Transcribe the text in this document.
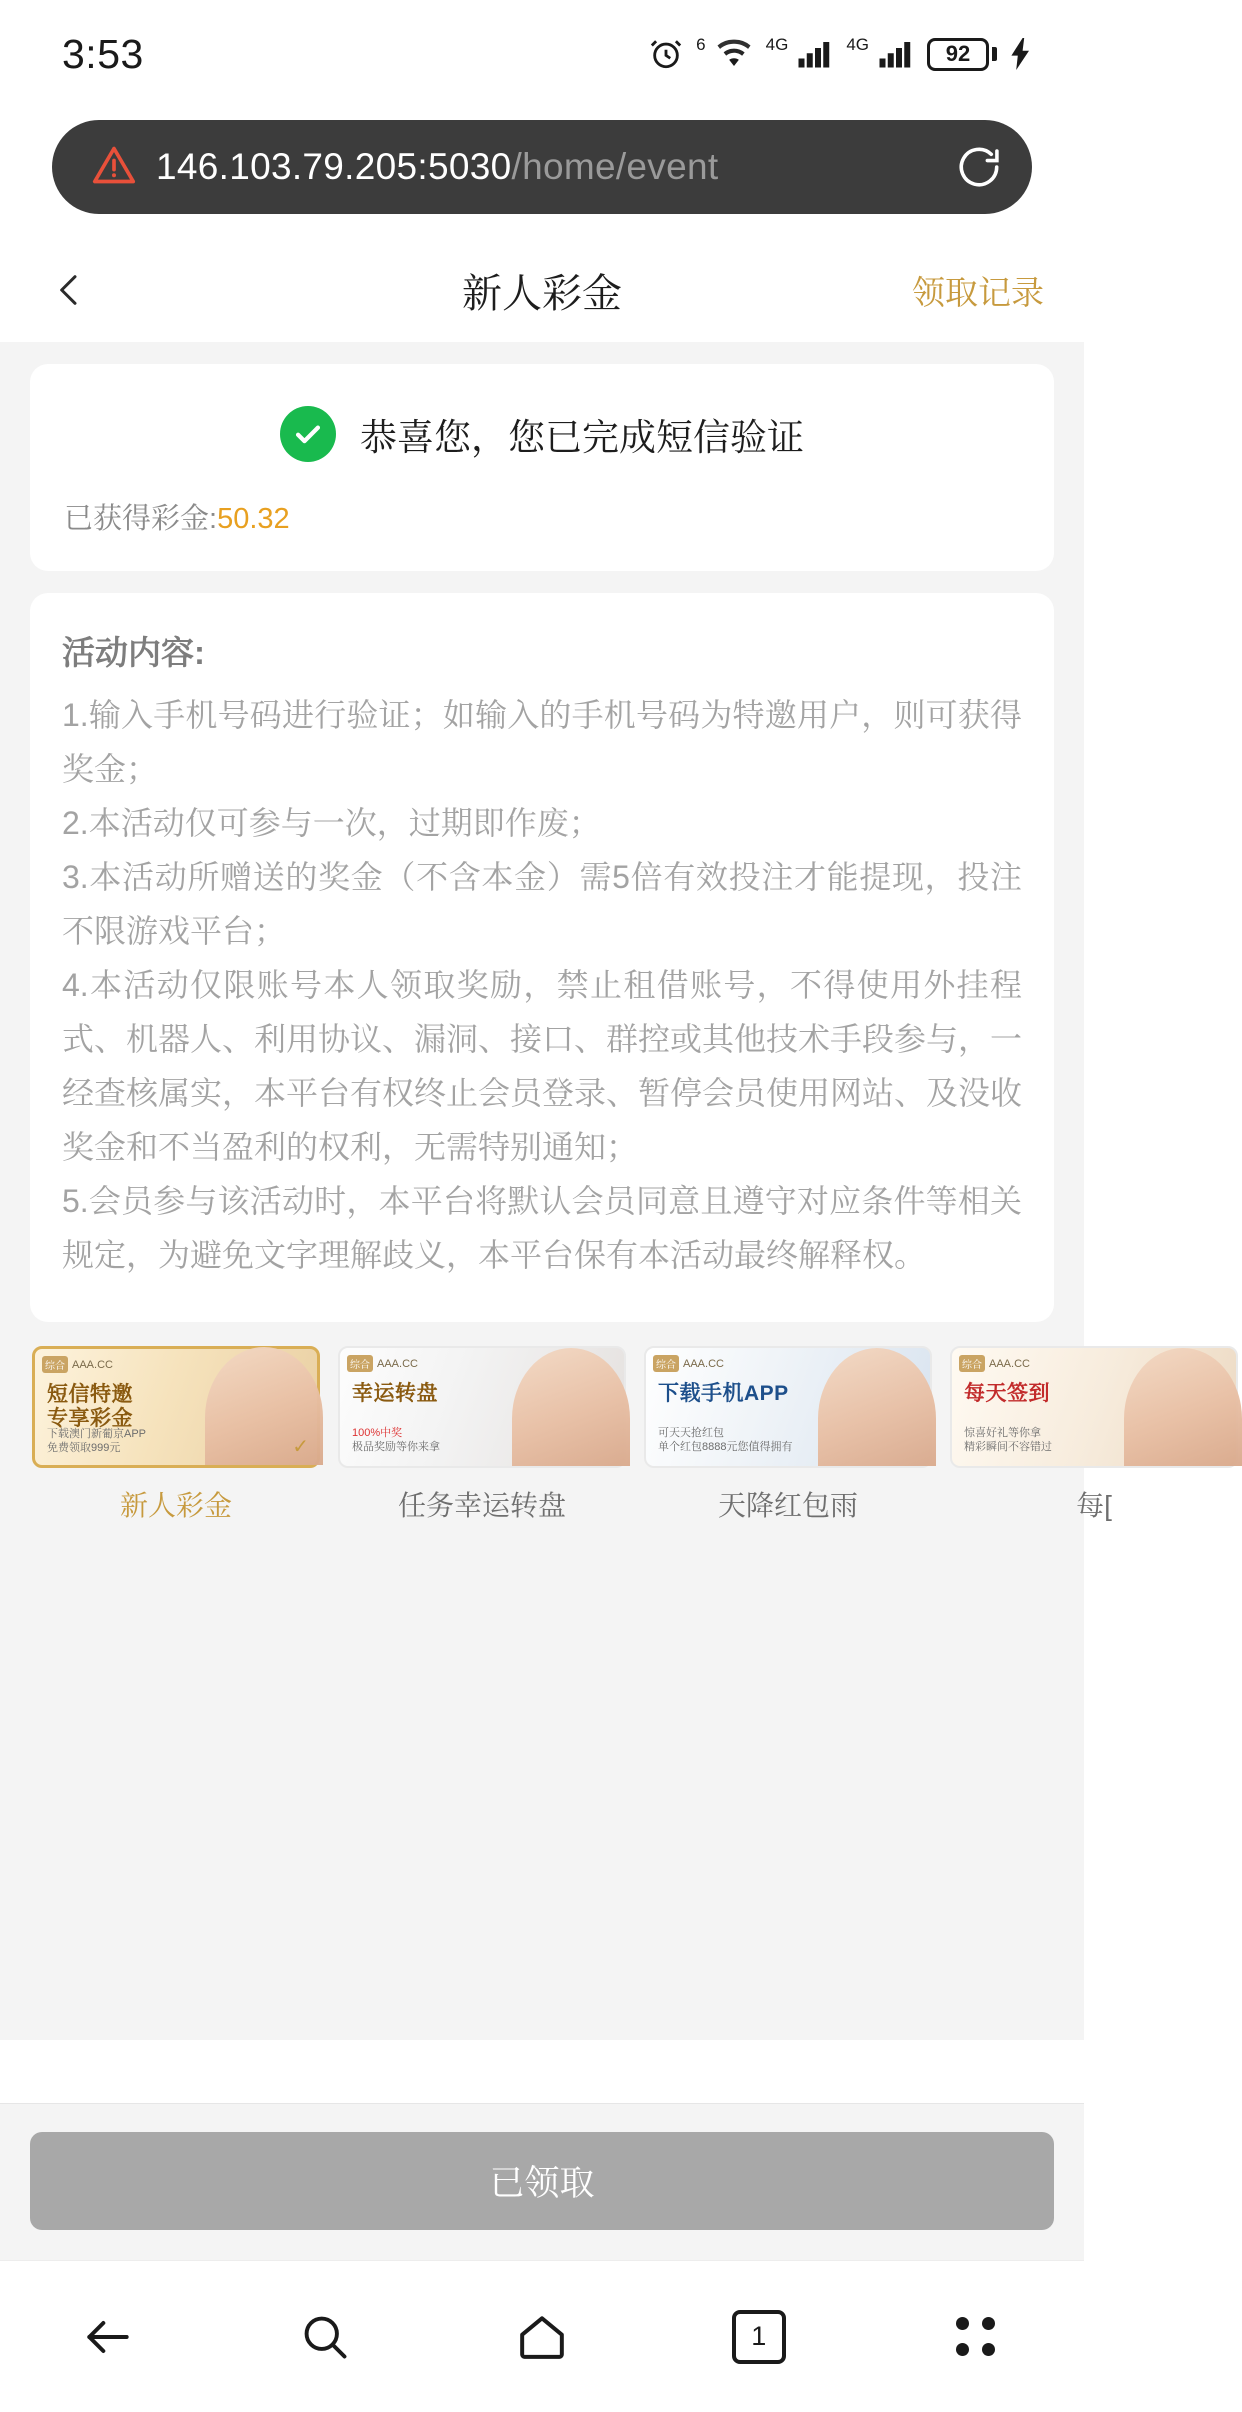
3:53	6	4G	4G	92
146.103.79.205:5030/home/event
新人彩金	领取记录
恭喜您，您已完成短信验证
已获得彩金:50.32
活动内容:

1.输入手机号码进行验证；如输入的手机号码为特邀用户，则可获得奖金；

2.本活动仅可参与一次，过期即作废；

3.本活动所赠送的奖金（不含本金）需5倍有效投注才能提现，投注不限游戏平台；

4.本活动仅限账号本人领取奖励，禁止租借账号，不得使用外挂程式、机器人、利用协议、漏洞、接口、群控或其他技术手段参与，一经查核属实，本平台有权终止会员登录、暂停会员使用网站、及没收奖金和不当盈利的权利，无需特别通知；

5.会员参与该活动时，本平台将默认会员同意且遵守对应条件等相关规定，为避免文字理解歧义，本平台保有本活动最终解释权。

综合 AAA.CC
短信特邀
专享彩金
下载澳门新葡京APP
免费领取999元	✓
新人彩金
综合 AAA.CC
幸运转盘
100%中奖
极品奖励等你来拿
任务幸运转盘
综合 AAA.CC
下载手机APP
可天天抢红包
单个红包8888元您值得拥有
天降红包雨
综合 AAA.CC
每天签到
惊喜好礼等你拿
精彩瞬间不容错过
每[
已领取
1
